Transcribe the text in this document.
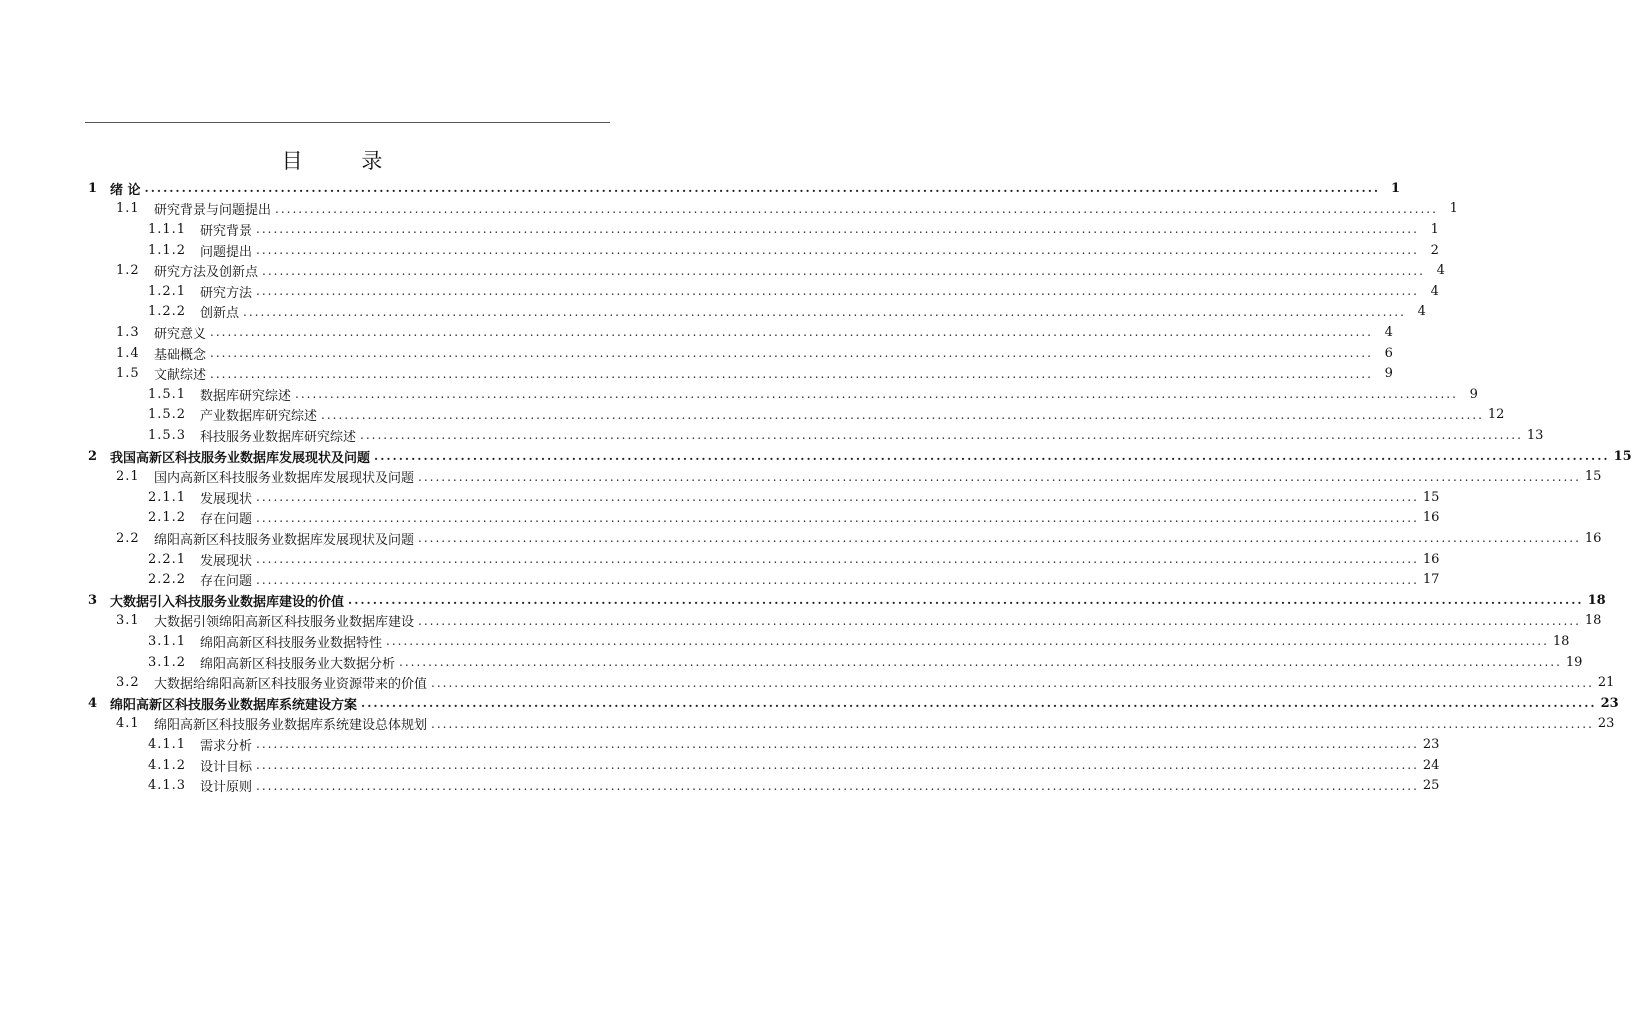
目 录
1 绪 论 ........................................................................................................................................................................................................ 1
1.1	研究背景与问题提出 ........................................................................................................................................................................................................ 1
1.1.1	研究背景 ........................................................................................................................................................................................................ 1
1.1.2	问题提出 ........................................................................................................................................................................................................ 2
1.2	研究方法及创新点 ........................................................................................................................................................................................................ 4
1.2.1	研究方法 ........................................................................................................................................................................................................ 4
1.2.2	创新点 ........................................................................................................................................................................................................ 4
1.3	研究意义 ........................................................................................................................................................................................................ 4
1.4	基础概念 ........................................................................................................................................................................................................ 6
1.5	文献综述 ........................................................................................................................................................................................................ 9
1.5.1	数据库研究综述 ........................................................................................................................................................................................................ 9
1.5.2	产业数据库研究综述 ........................................................................................................................................................................................................ 12
1.5.3	科技服务业数据库研究综述 ........................................................................................................................................................................................................ 13
2 我国高新区科技服务业数据库发展现状及问题 ........................................................................................................................................................................................................ 15
2.1	国内高新区科技服务业数据库发展现状及问题 ........................................................................................................................................................................................................ 15
2.1.1	发展现状 ........................................................................................................................................................................................................ 15
2.1.2	存在问题 ........................................................................................................................................................................................................ 16
2.2	绵阳高新区科技服务业数据库发展现状及问题 ........................................................................................................................................................................................................ 16
2.2.1	发展现状 ........................................................................................................................................................................................................ 16
2.2.2	存在问题 ........................................................................................................................................................................................................ 17
3 大数据引入科技服务业数据库建设的价值 ........................................................................................................................................................................................................ 18
3.1	大数据引领绵阳高新区科技服务业数据库建设 ........................................................................................................................................................................................................ 18
3.1.1	绵阳高新区科技服务业数据特性 ........................................................................................................................................................................................................ 18
3.1.2	绵阳高新区科技服务业大数据分析 ........................................................................................................................................................................................................ 19
3.2	大数据给绵阳高新区科技服务业资源带来的价值 ........................................................................................................................................................................................................ 21
4 绵阳高新区科技服务业数据库系统建设方案 ........................................................................................................................................................................................................ 23
4.1	绵阳高新区科技服务业数据库系统建设总体规划 ........................................................................................................................................................................................................ 23
4.1.1	需求分析 ........................................................................................................................................................................................................ 23
4.1.2	设计目标 ........................................................................................................................................................................................................ 24
4.1.3	设计原则 ........................................................................................................................................................................................................ 25
